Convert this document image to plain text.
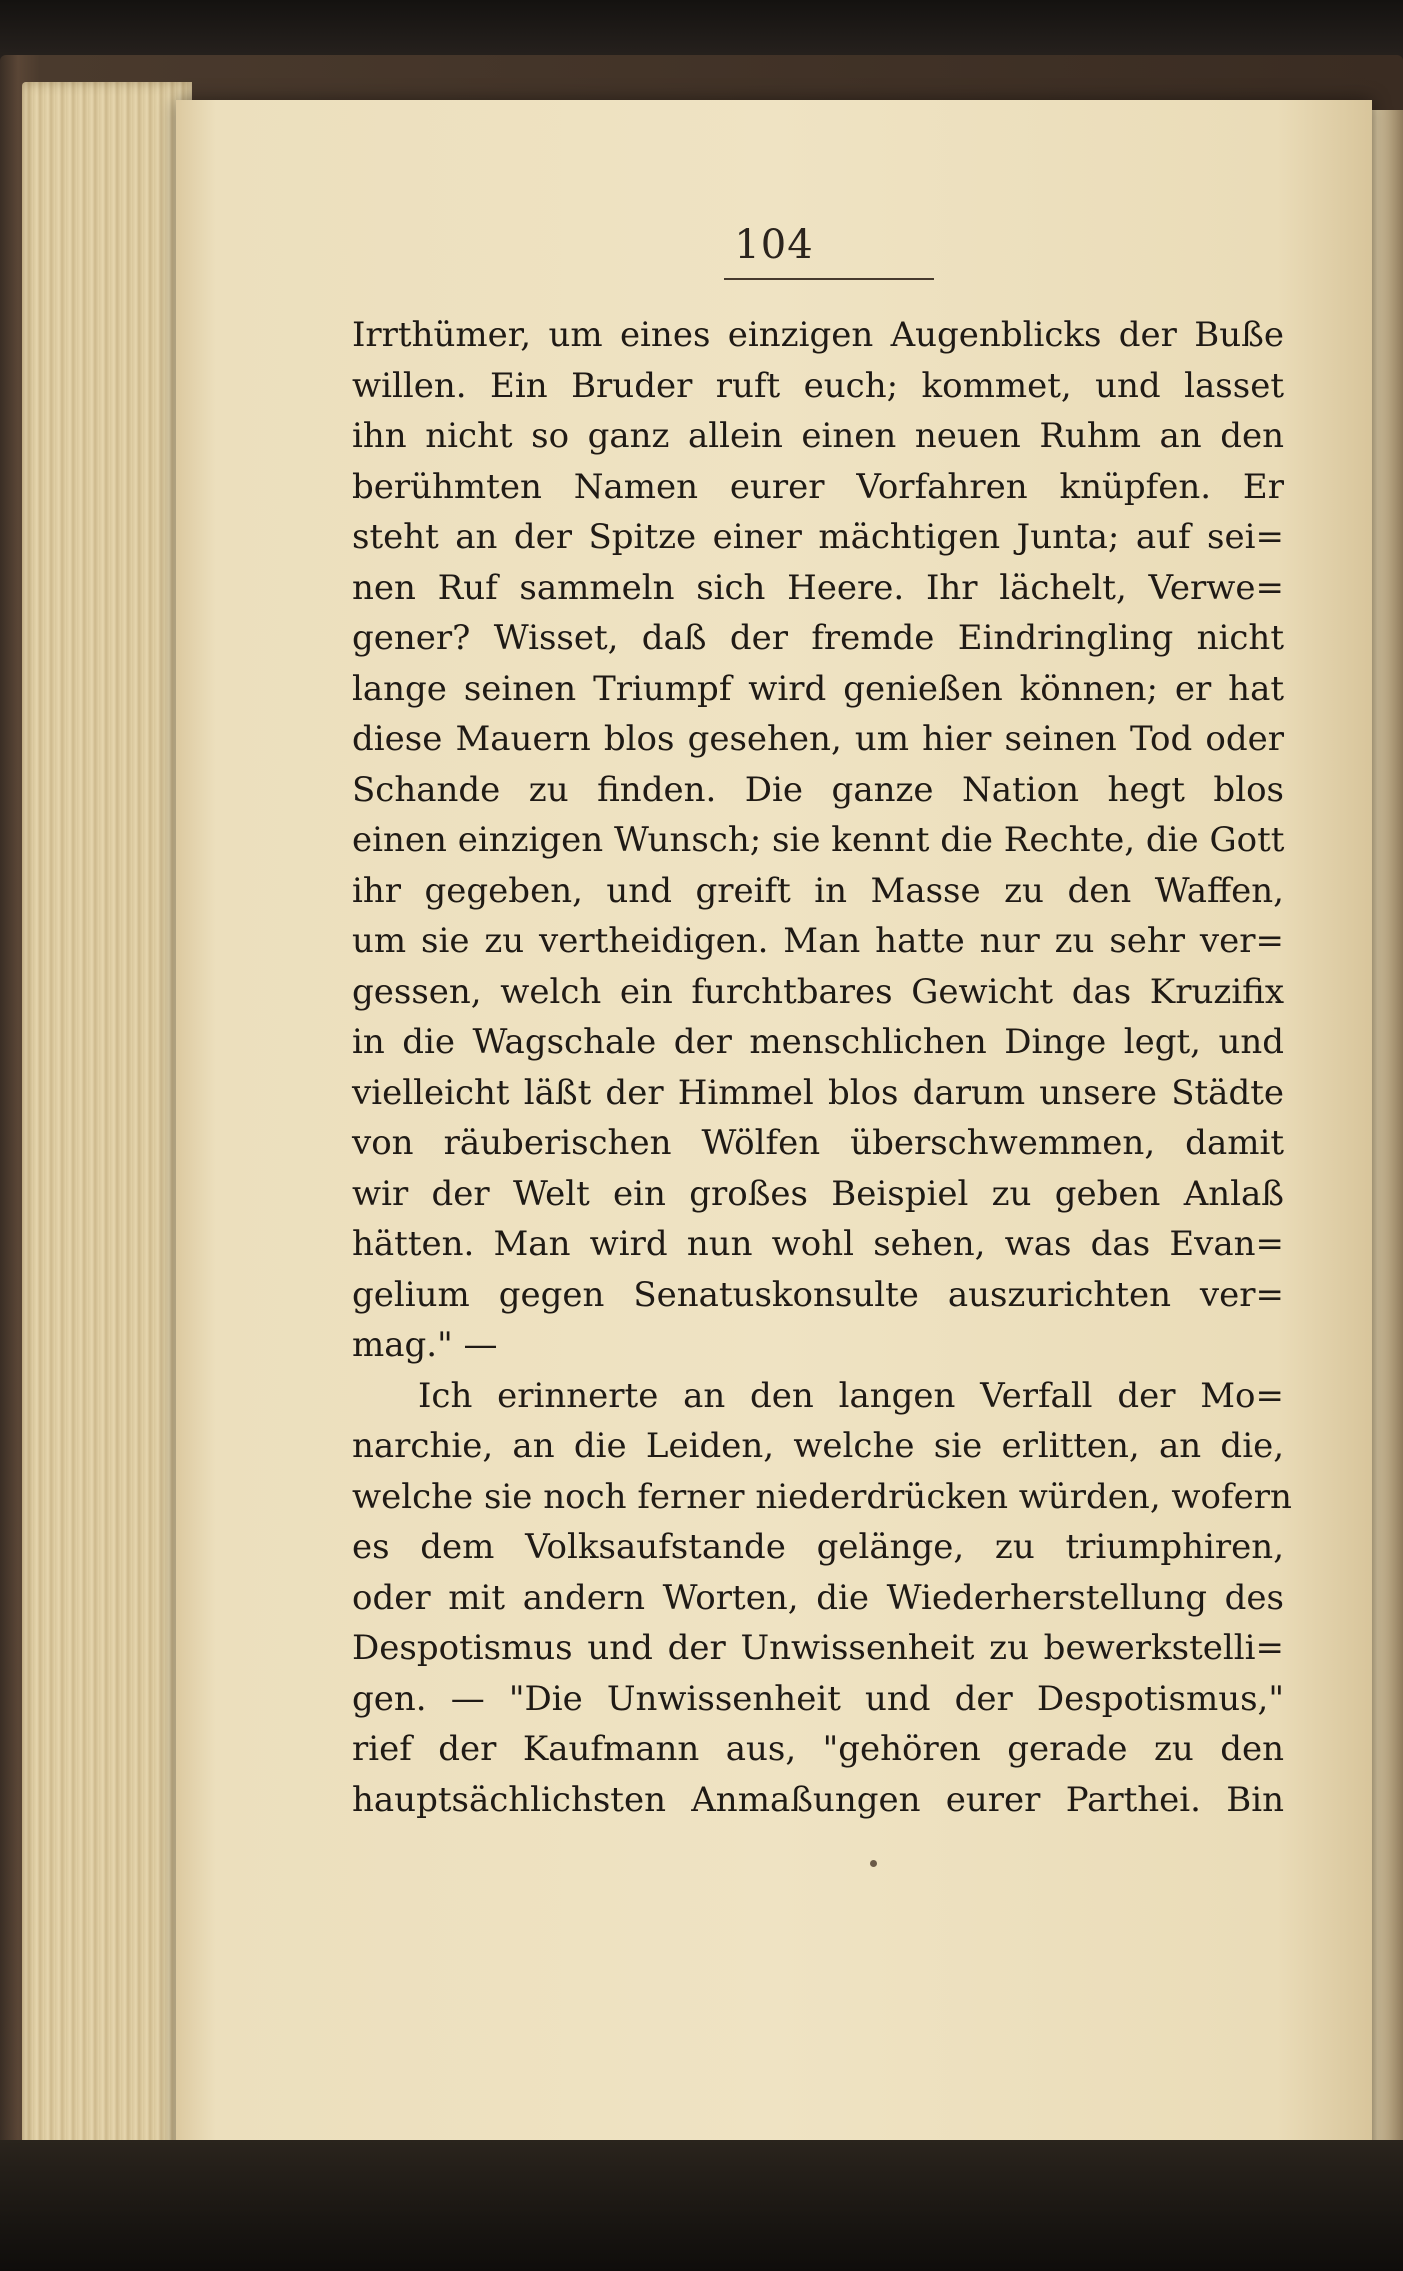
104
Irrthümer, um eines einzigen Augenblicks der Buße
willen. Ein Bruder ruft euch; kommet, und lasset
ihn nicht so ganz allein einen neuen Ruhm an den
berühmten Namen eurer Vorfahren knüpfen. Er
steht an der Spitze einer mächtigen Junta; auf sei=
nen Ruf sammeln sich Heere. Ihr lächelt, Verwe=
gener? Wisset, daß der fremde Eindringling nicht
lange seinen Triumpf wird genießen können; er hat
diese Mauern blos gesehen, um hier seinen Tod oder
Schande zu finden. Die ganze Nation hegt blos
einen einzigen Wunsch; sie kennt die Rechte, die Gott
ihr gegeben, und greift in Masse zu den Waffen,
um sie zu vertheidigen. Man hatte nur zu sehr ver=
gessen, welch ein furchtbares Gewicht das Kruzifix
in die Wagschale der menschlichen Dinge legt, und
vielleicht läßt der Himmel blos darum unsere Städte
von räuberischen Wölfen überschwemmen, damit
wir der Welt ein großes Beispiel zu geben Anlaß
hätten. Man wird nun wohl sehen, was das Evan=
gelium gegen Senatuskonsulte auszurichten ver=
mag." —
Ich erinnerte an den langen Verfall der Mo=
narchie, an die Leiden, welche sie erlitten, an die,
welche sie noch ferner niederdrücken würden, wofern
es dem Volksaufstande gelänge, zu triumphiren,
oder mit andern Worten, die Wiederherstellung des
Despotismus und der Unwissenheit zu bewerkstelli=
gen. — "Die Unwissenheit und der Despotismus,"
rief der Kaufmann aus, "gehören gerade zu den
hauptsächlichsten Anmaßungen eurer Parthei. Bin
